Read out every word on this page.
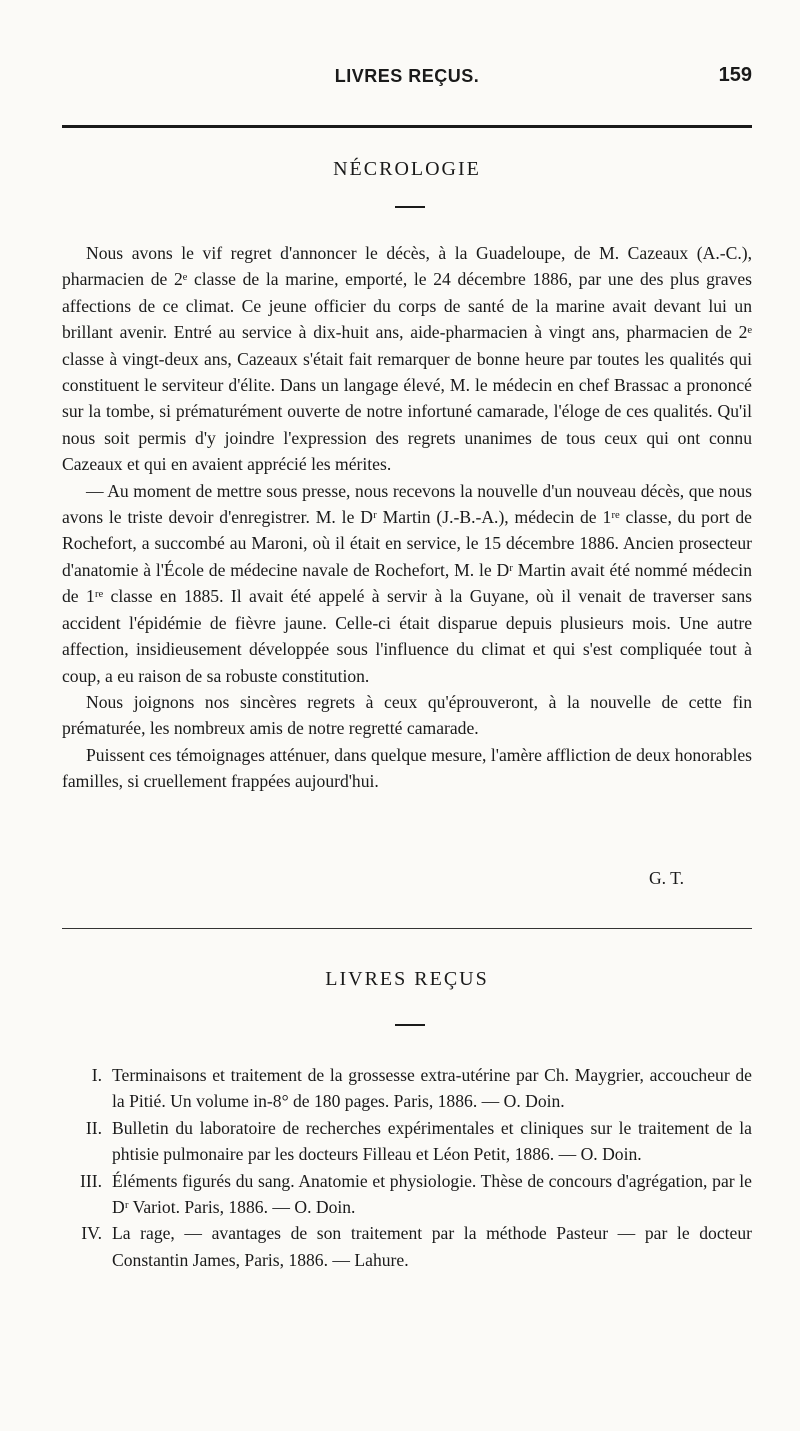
LIVRES REÇUS.	159
NÉCROLOGIE

Nous avons le vif regret d'annoncer le décès, à la Guadeloupe, de M. Cazeaux (A.-C.), pharmacien de 2ᵉ classe de la marine, emporté, le 24 décembre 1886, par une des plus graves affections de ce climat. Ce jeune officier du corps de santé de la marine avait devant lui un brillant avenir. Entré au service à dix-huit ans, aide-pharmacien à vingt ans, pharmacien de 2ᵉ classe à vingt-deux ans, Cazeaux s'était fait remarquer de bonne heure par toutes les qualités qui constituent le serviteur d'élite. Dans un langage élevé, M. le médecin en chef Brassac a prononcé sur la tombe, si prématurément ouverte de notre infortuné camarade, l'éloge de ces qualités. Qu'il nous soit permis d'y joindre l'expression des regrets unanimes de tous ceux qui ont connu Cazeaux et qui en avaient apprécié les mérites.

— Au moment de mettre sous presse, nous recevons la nouvelle d'un nouveau décès, que nous avons le triste devoir d'enregistrer. M. le Dʳ Martin (J.-B.-A.), médecin de 1ʳᵉ classe, du port de Rochefort, a succombé au Maroni, où il était en service, le 15 décembre 1886. Ancien prosecteur d'anatomie à l'École de médecine navale de Rochefort, M. le Dʳ Martin avait été nommé médecin de 1ʳᵉ classe en 1885. Il avait été appelé à servir à la Guyane, où il venait de traverser sans accident l'épidémie de fièvre jaune. Celle-ci était disparue depuis plusieurs mois. Une autre affection, insidieusement développée sous l'influence du climat et qui s'est compliquée tout à coup, a eu raison de sa robuste constitution.

Nous joignons nos sincères regrets à ceux qu'éprouveront, à la nouvelle de cette fin prématurée, les nombreux amis de notre regretté camarade.

Puissent ces témoignages atténuer, dans quelque mesure, l'amère affliction de deux honorables familles, si cruellement frappées aujourd'hui.

G. T.
LIVRES REÇUS
I. Terminaisons et traitement de la grossesse extra-utérine par Ch. Maygrier, accoucheur de la Pitié. Un volume in-8° de 180 pages. Paris, 1886. — O. Doin.
II. Bulletin du laboratoire de recherches expérimentales et cliniques sur le traitement de la phtisie pulmonaire par les docteurs Filleau et Léon Petit, 1886. — O. Doin.
III. Éléments figurés du sang. Anatomie et physiologie. Thèse de concours d'agrégation, par le Dʳ Variot. Paris, 1886. — O. Doin.
IV. La rage, — avantages de son traitement par la méthode Pasteur — par le docteur Constantin James, Paris, 1886. — Lahure.
